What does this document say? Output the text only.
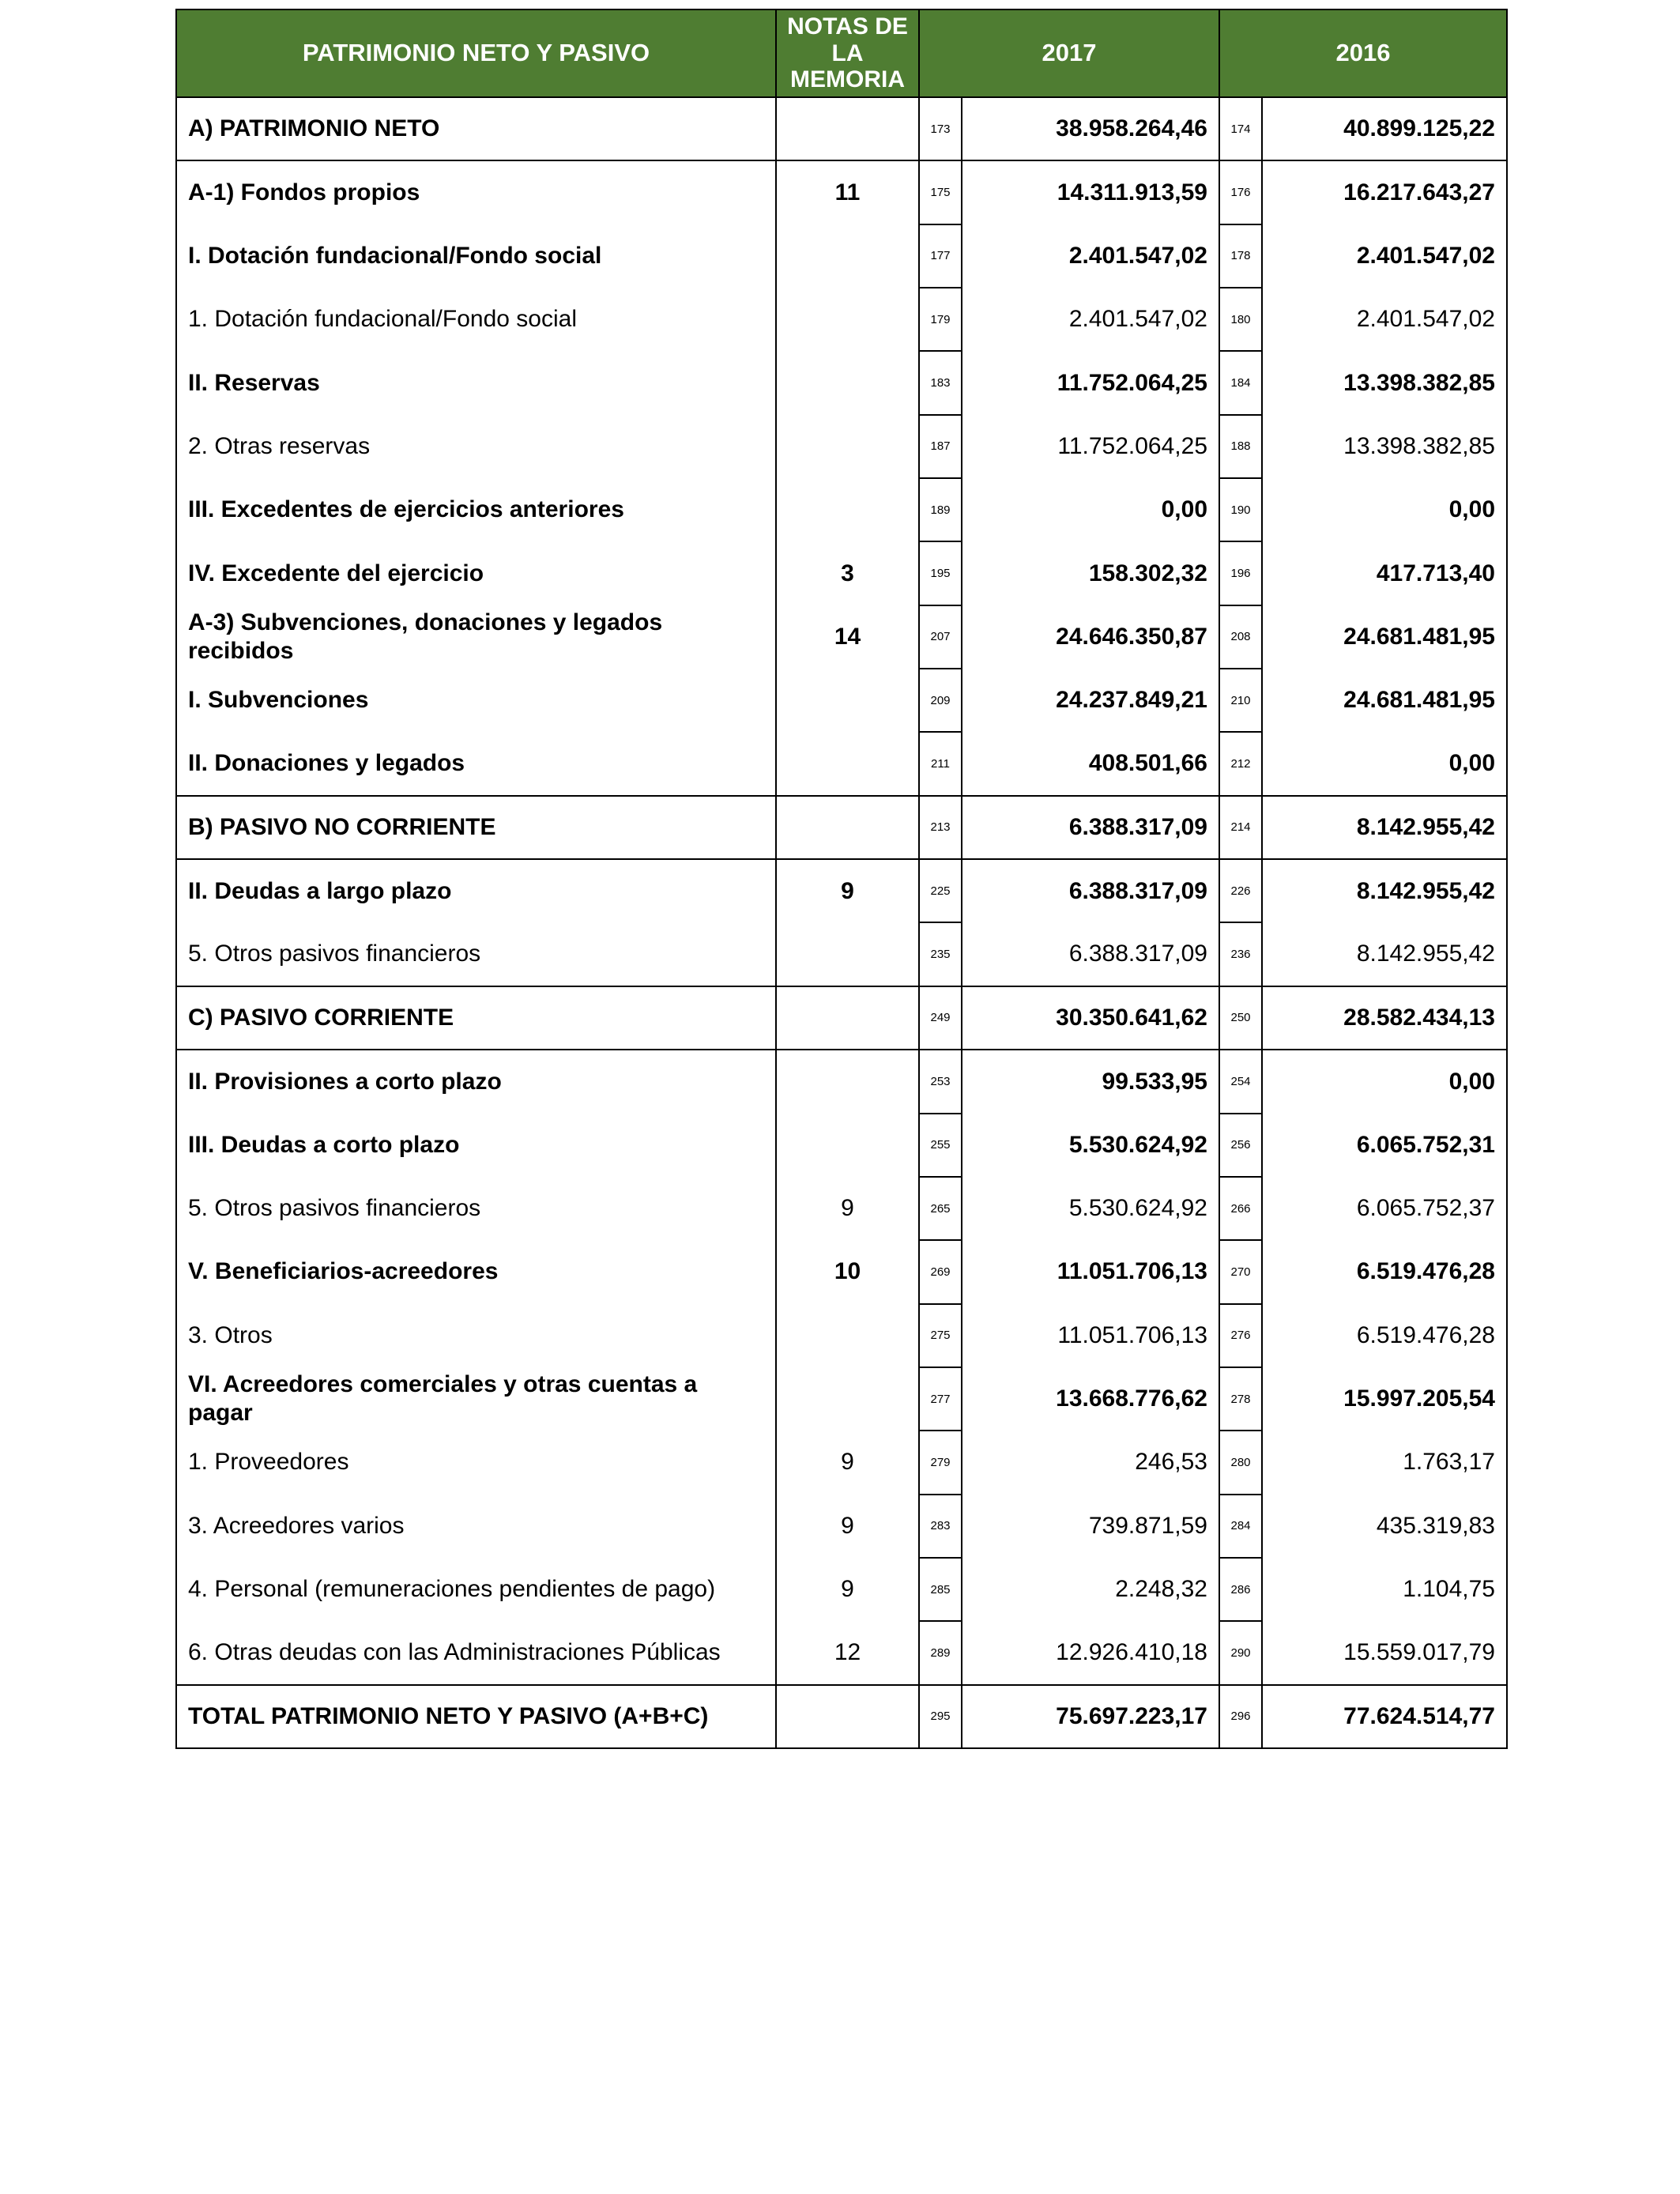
PATRIMONIO NETO Y PASIVO	NOTAS DE LA MEMORIA	2017		2016	
A) PATRIMONIO NETO		173	38.958.264,46	174	40.899.125,22
A-1) Fondos propios	11	175	14.311.913,59	176	16.217.643,27
I. Dotación fundacional/Fondo social		177	2.401.547,02	178	2.401.547,02
1. Dotación fundacional/Fondo social		179	2.401.547,02	180	2.401.547,02
II. Reservas		183	11.752.064,25	184	13.398.382,85
2. Otras reservas		187	11.752.064,25	188	13.398.382,85
III. Excedentes de ejercicios anteriores		189	0,00	190	0,00
IV. Excedente del ejercicio	3	195	158.302,32	196	417.713,40
A-3) Subvenciones, donaciones y legados recibidos	14	207	24.646.350,87	208	24.681.481,95
I. Subvenciones		209	24.237.849,21	210	24.681.481,95
II. Donaciones y legados		211	408.501,66	212	0,00
B) PASIVO NO CORRIENTE		213	6.388.317,09	214	8.142.955,42
II. Deudas a largo plazo	9	225	6.388.317,09	226	8.142.955,42
5. Otros pasivos financieros		235	6.388.317,09	236	8.142.955,42
C) PASIVO CORRIENTE		249	30.350.641,62	250	28.582.434,13
II. Provisiones a corto plazo		253	99.533,95	254	0,00
III. Deudas a corto plazo		255	5.530.624,92	256	6.065.752,31
5. Otros pasivos financieros	9	265	5.530.624,92	266	6.065.752,37
V. Beneficiarios-acreedores	10	269	11.051.706,13	270	6.519.476,28
3. Otros		275	11.051.706,13	276	6.519.476,28
VI. Acreedores comerciales y otras cuentas a pagar		277	13.668.776,62	278	15.997.205,54
1. Proveedores	9	279	246,53	280	1.763,17
3. Acreedores varios	9	283	739.871,59	284	435.319,83
4. Personal (remuneraciones pendientes de pago)	9	285	2.248,32	286	1.104,75
6. Otras deudas con las Administraciones Públicas	12	289	12.926.410,18	290	15.559.017,79
TOTAL PATRIMONIO NETO Y PASIVO (A+B+C)		295	75.697.223,17	296	77.624.514,77
